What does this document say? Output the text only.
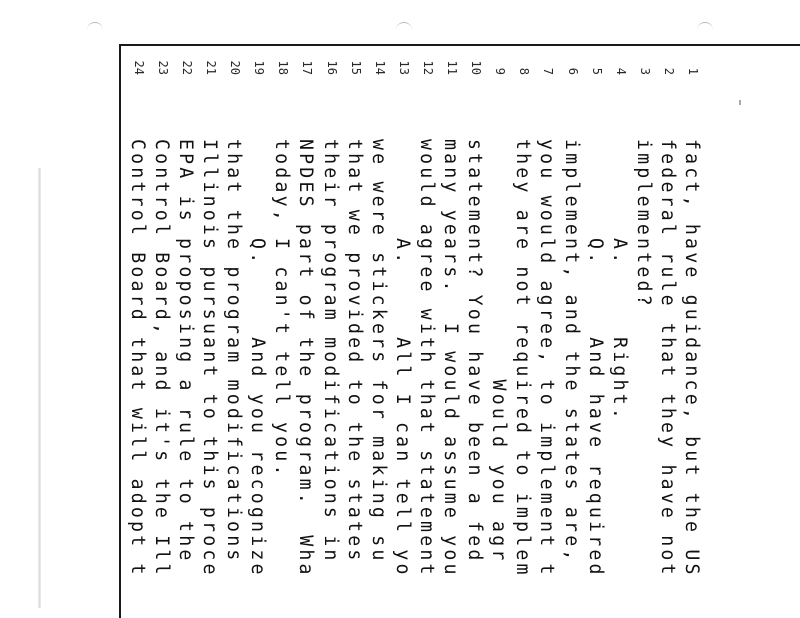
1
fact, have guidance, but the US
2
federal rule that they have not
3
implemented?
4
A.     Right.
5
Q.     And have required
6
implement, and the states are,
7
you would agree, to implement t
8
they are not required to implem
9
Would you agr
10
statement? You have been a fed
11
many years.  I would assume you
12
would agree with that statement
13
A.     All I can tell yo
14
we were stickers for making su
15
that we provided to the states
16
their program modifications in
17
NPDES part of the program.  Wha
18
today, I can't tell you.
19
Q.     And you recognize
20
that the program modifications
21
Illinois pursuant to this proce
22
EPA is proposing a rule to the
23
Control Board, and it's the Ill
24
Control Board that will adopt t
